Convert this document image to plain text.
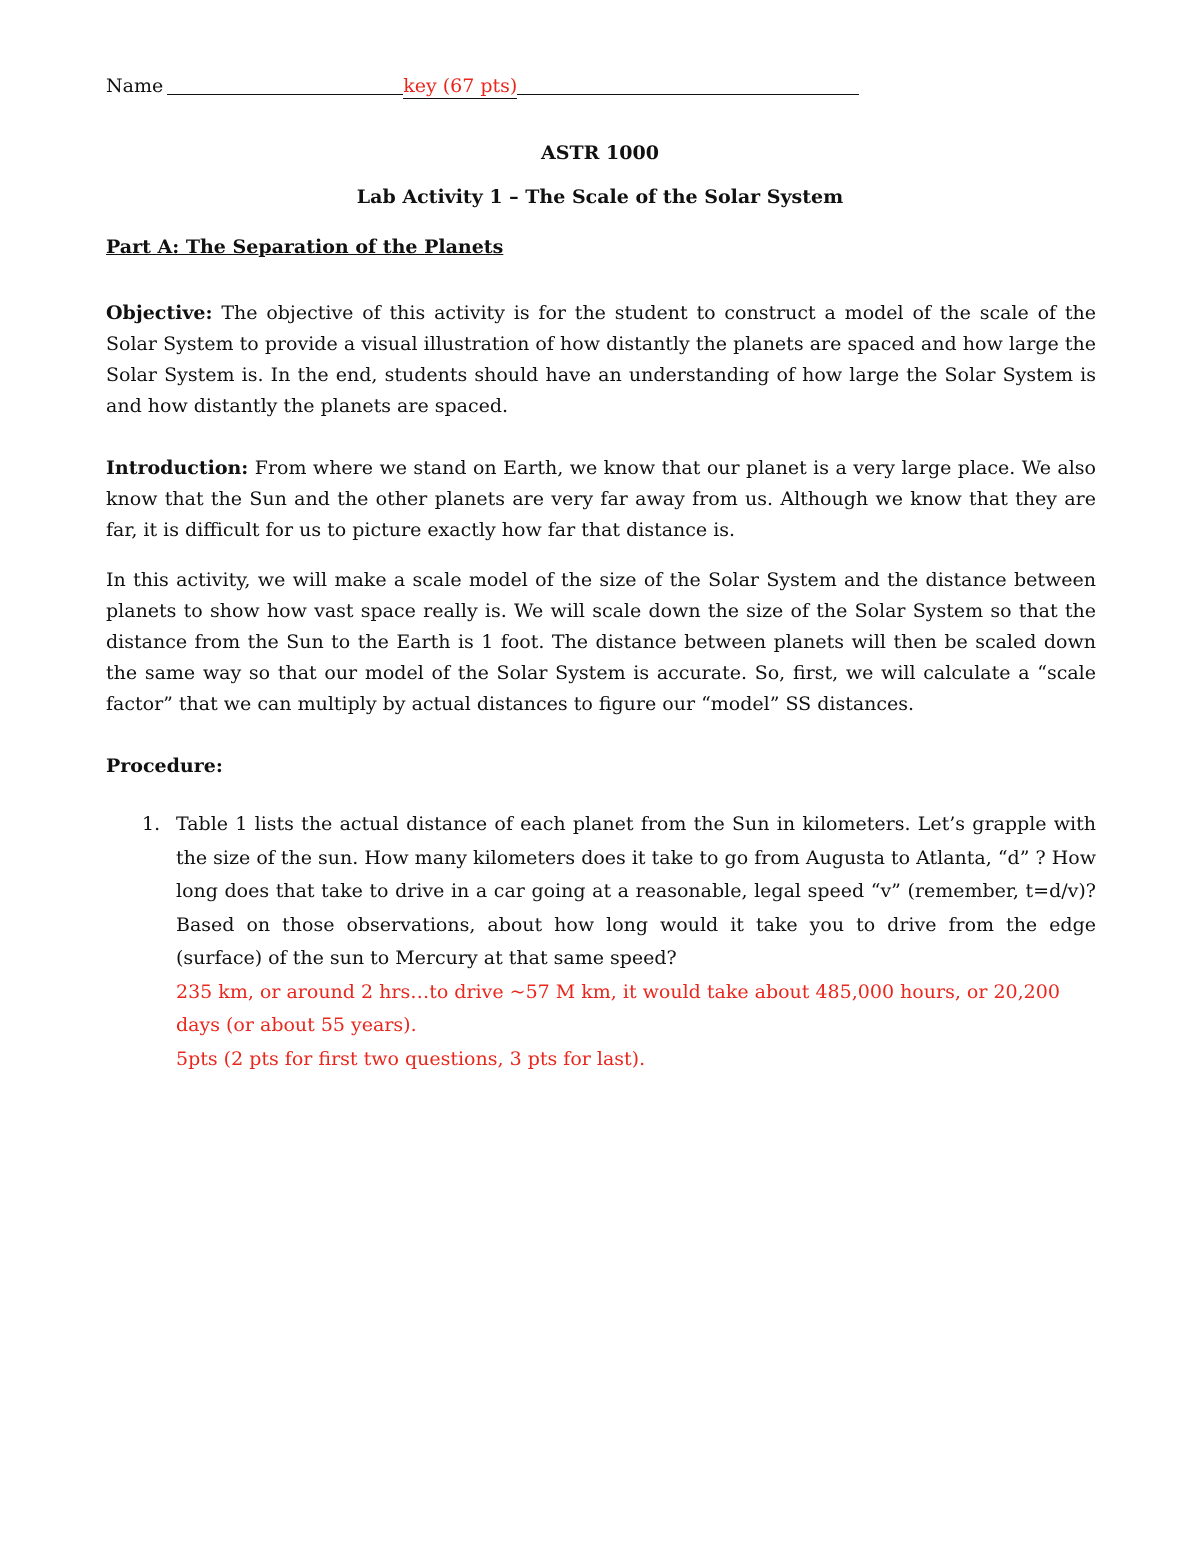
Name	key (67 pts)
ASTR 1000
Lab Activity 1 – The Scale of the Solar System
Part A: The Separation of the Planets
Objective: The objective of this activity is for the student to construct a model of the scale of the Solar System to provide a visual illustration of how distantly the planets are spaced and how large the Solar System is. In the end, students should have an understanding of how large the Solar System is and how distantly the planets are spaced.
Introduction: From where we stand on Earth, we know that our planet is a very large place. We also know that the Sun and the other planets are very far away from us. Although we know that they are far, it is difficult for us to picture exactly how far that distance is.
In this activity, we will make a scale model of the size of the Solar System and the distance between planets to show how vast space really is. We will scale down the size of the Solar System so that the distance from the Sun to the Earth is 1 foot. The distance between planets will then be scaled down the same way so that our model of the Solar System is accurate. So, first, we will calculate a “scale factor” that we can multiply by actual distances to figure our “model” SS distances.
Procedure:
1. Table 1 lists the actual distance of each planet from the Sun in kilometers. Let’s grapple with the size of the sun. How many kilometers does it take to go from Augusta to Atlanta, “d” ? How long does that take to drive in a car going at a reasonable, legal speed “v” (remember, t=d/v)? Based on those observations, about how long would it take you to drive from the edge (surface) of the sun to Mercury at that same speed?
235 km, or around 2 hrs…to drive ~57 M km, it would take about 485,000 hours, or 20,200 days (or about 55 years).
5pts (2 pts for first two questions, 3 pts for last).
